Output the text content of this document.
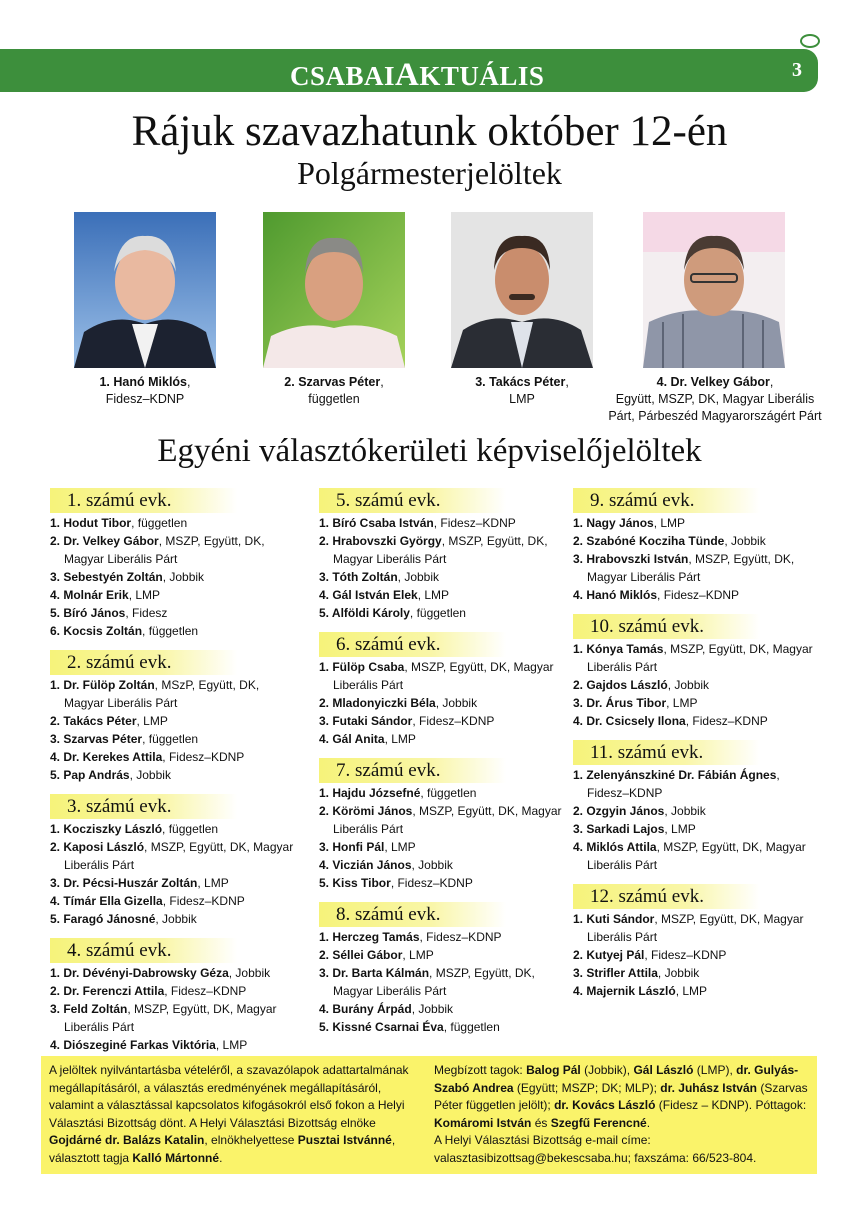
CSABAIAKTUÁLIS	3
Rájuk szavazhatunk október 12-én
Polgármesterjelöltek
1. Hanó Miklós,
Fidesz–KDNP
2. Szarvas Péter,
független
3. Takács Péter,
LMP
4. Dr. Velkey Gábor,
Együtt, MSZP, DK, Magyar Liberális Párt, Párbeszéd Magyarországért Párt
Egyéni választókerületi képviselőjelöltek
1. számú evk.
1. Hodut Tibor, független
2. Dr. Velkey Gábor, MSZP, Együtt, DK, Magyar Liberális Párt
3. Sebestyén Zoltán, Jobbik
4. Molnár Erik, LMP
5. Bíró János, Fidesz
6. Kocsis Zoltán, független
2. számú evk.
1. Dr. Fülöp Zoltán, MSzP, Együtt, DK, Magyar Liberális Párt
2. Takács Péter, LMP
3. Szarvas Péter, független
4. Dr. Kerekes Attila, Fidesz–KDNP
5. Pap András, Jobbik
3. számú evk.
1. Kocziszky László, független
2. Kaposi László, MSZP, Együtt, DK, Magyar Liberális Párt
3. Dr. Pécsi-Huszár Zoltán, LMP
4. Tímár Ella Gizella, Fidesz–KDNP
5. Faragó Jánosné, Jobbik
4. számú evk.
1. Dr. Dévényi-Dabrowsky Géza, Jobbik
2. Dr. Ferenczi Attila, Fidesz–KDNP
3. Feld Zoltán, MSZP, Együtt, DK, Magyar Liberális Párt
4. Diószeginé Farkas Viktória, LMP
5. számú evk.
1. Bíró Csaba István, Fidesz–KDNP
2. Hrabovszki György, MSZP, Együtt, DK, Magyar Liberális Párt
3. Tóth Zoltán, Jobbik
4. Gál István Elek, LMP
5. Alföldi Károly, független
6. számú evk.
1. Fülöp Csaba, MSZP, Együtt, DK, Magyar Liberális Párt
2. Mladonyiczki Béla, Jobbik
3. Futaki Sándor, Fidesz–KDNP
4. Gál Anita, LMP
7. számú evk.
1. Hajdu Józsefné, független
2. Körömi János, MSZP, Együtt, DK, Magyar Liberális Párt
3. Honfi Pál, LMP
4. Viczián János, Jobbik
5. Kiss Tibor, Fidesz–KDNP
8. számú evk.
1. Herczeg Tamás, Fidesz–KDNP
2. Séllei Gábor, LMP
3. Dr. Barta Kálmán, MSZP, Együtt, DK, Magyar Liberális Párt
4. Burány Árpád, Jobbik
5. Kissné Csarnai Éva, független
9. számú evk.
1. Nagy János, LMP
2. Szabóné Kocziha Tünde, Jobbik
3. Hrabovszki István, MSZP, Együtt, DK, Magyar Liberális Párt
4. Hanó Miklós, Fidesz–KDNP
10. számú evk.
1. Kónya Tamás, MSZP, Együtt, DK, Magyar Liberális Párt
2. Gajdos László, Jobbik
3. Dr. Árus Tibor, LMP
4. Dr. Csicsely Ilona, Fidesz–KDNP
11. számú evk.
1. Zelenyánszkiné Dr. Fábián Ágnes, Fidesz–KDNP
2. Ozgyin János, Jobbik
3. Sarkadi Lajos, LMP
4. Miklós Attila, MSZP, Együtt, DK, Magyar Liberális Párt
12. számú evk.
1. Kuti Sándor, MSZP, Együtt, DK, Magyar Liberális Párt
2. Kutyej Pál, Fidesz–KDNP
3. Strifler Attila, Jobbik
4. Majernik László, LMP
A jelöltek nyilvántartásba vételéről, a szavazólapok adattartalmának megállapításáról, a választás eredményének megállapításáról, valamint a választással kapcsolatos kifogásokról első fokon a Helyi Választási Bizottság dönt. A Helyi Választási Bizottság elnöke Gojdárné dr. Balázs Katalin, elnökhelyettese Pusztai Istvánné, választott tagja Kalló Mártonné.
Megbízott tagok: Balog Pál (Jobbik), Gál László (LMP), dr. Gulyás-Szabó Andrea (Együtt; MSZP; DK; MLP); dr. Juhász István (Szarvas Péter független jelölt); dr. Kovács László (Fidesz – KDNP). Póttagok: Komáromi István és Szegfű Ferencné.
A Helyi Választási Bizottság e-mail címe:
valasztasibizottsag@bekescsaba.hu; faxszáma: 66/523-804.
